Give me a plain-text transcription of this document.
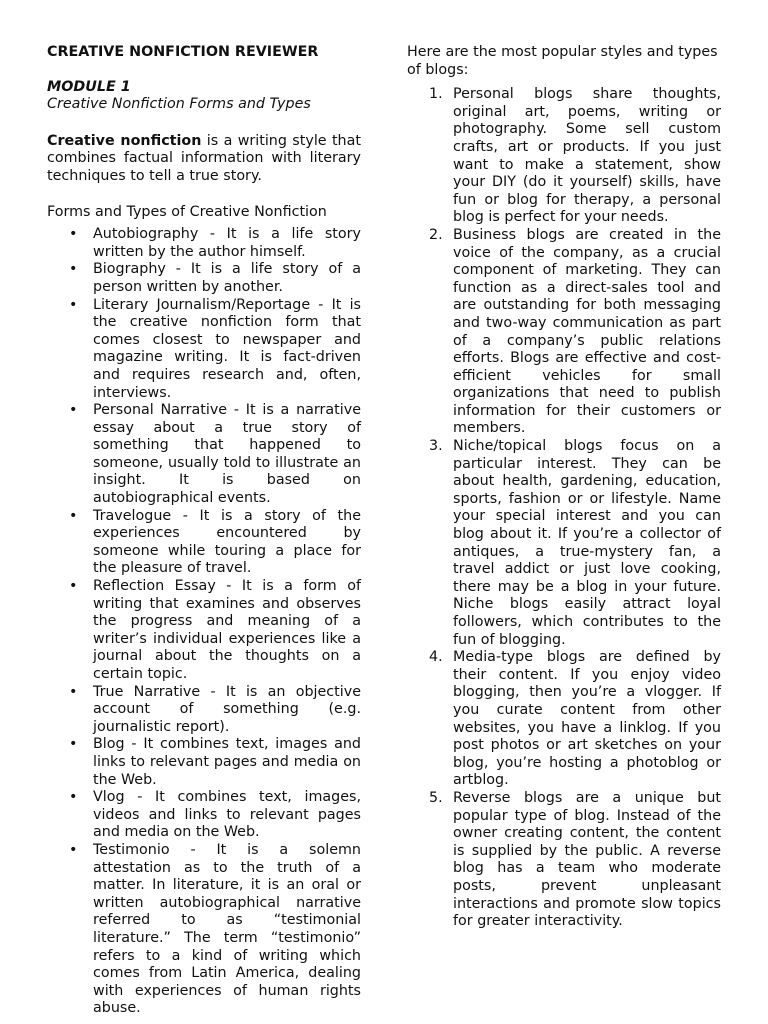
CREATIVE NONFICTION REVIEWER
MODULE 1
Creative Nonfiction Forms and Types

Creative nonfiction is a writing style that combines factual information with literary techniques to tell a true story.

Forms and Types of Creative Nonfiction
• Autobiography - It is a life story written by the author himself.
• Biography - It is a life story of a person written by another.
• Literary Journalism/Reportage - It is the creative nonfiction form that comes closest to newspaper and magazine writing. It is fact-driven and requires research and, often, interviews.
• Personal Narrative - It is a narrative essay about a true story of something that happened to someone, usually told to illustrate an insight. It is based on autobiographical events.
• Travelogue - It is a story of the experiences encountered by someone while touring a place for the pleasure of travel.
• Reflection Essay - It is a form of writing that examines and observes the progress and meaning of a writer’s individual experiences like a journal about the thoughts on a certain topic.
• True Narrative - It is an objective account of something (e.g. journalistic report).
• Blog - It combines text, images and links to relevant pages and media on the Web.
• Vlog - It combines text, images, videos and links to relevant pages and media on the Web.
• Testimonio - It is a solemn attestation as to the truth of a matter. In literature, it is an oral or written autobiographical narrative referred to as “testimonial literature.” The term “testimonio” refers to a kind of writing which comes from Latin America, dealing with experiences of human rights abuse.
Here are the most popular styles and types of blogs:
1. Personal blogs share thoughts, original art, poems, writing or photography. Some sell custom crafts, art or products. If you just want to make a statement, show your DIY (do it yourself) skills, have fun or blog for therapy, a personal blog is perfect for your needs.
2. Business blogs are created in the voice of the company, as a crucial component of marketing. They can function as a direct-sales tool and are outstanding for both messaging and two-way communication as part of a company’s public relations efforts. Blogs are effective and cost-efficient vehicles for small organizations that need to publish information for their customers or members.
3. Niche/topical blogs focus on a particular interest. They can be about health, gardening, education, sports, fashion or or lifestyle. Name your special interest and you can blog about it. If you’re a collector of antiques, a true-mystery fan, a travel addict or just love cooking, there may be a blog in your future. Niche blogs easily attract loyal followers, which contributes to the fun of blogging.
4. Media-type blogs are defined by their content. If you enjoy video blogging, then you’re a vlogger. If you curate content from other websites, you have a linklog. If you post photos or art sketches on your blog, you’re hosting a photoblog or artblog.
5. Reverse blogs are a unique but popular type of blog. Instead of the owner creating content, the content is supplied by the public. A reverse blog has a team who moderate posts, prevent unpleasant interactions and promote slow topics for greater interactivity.
